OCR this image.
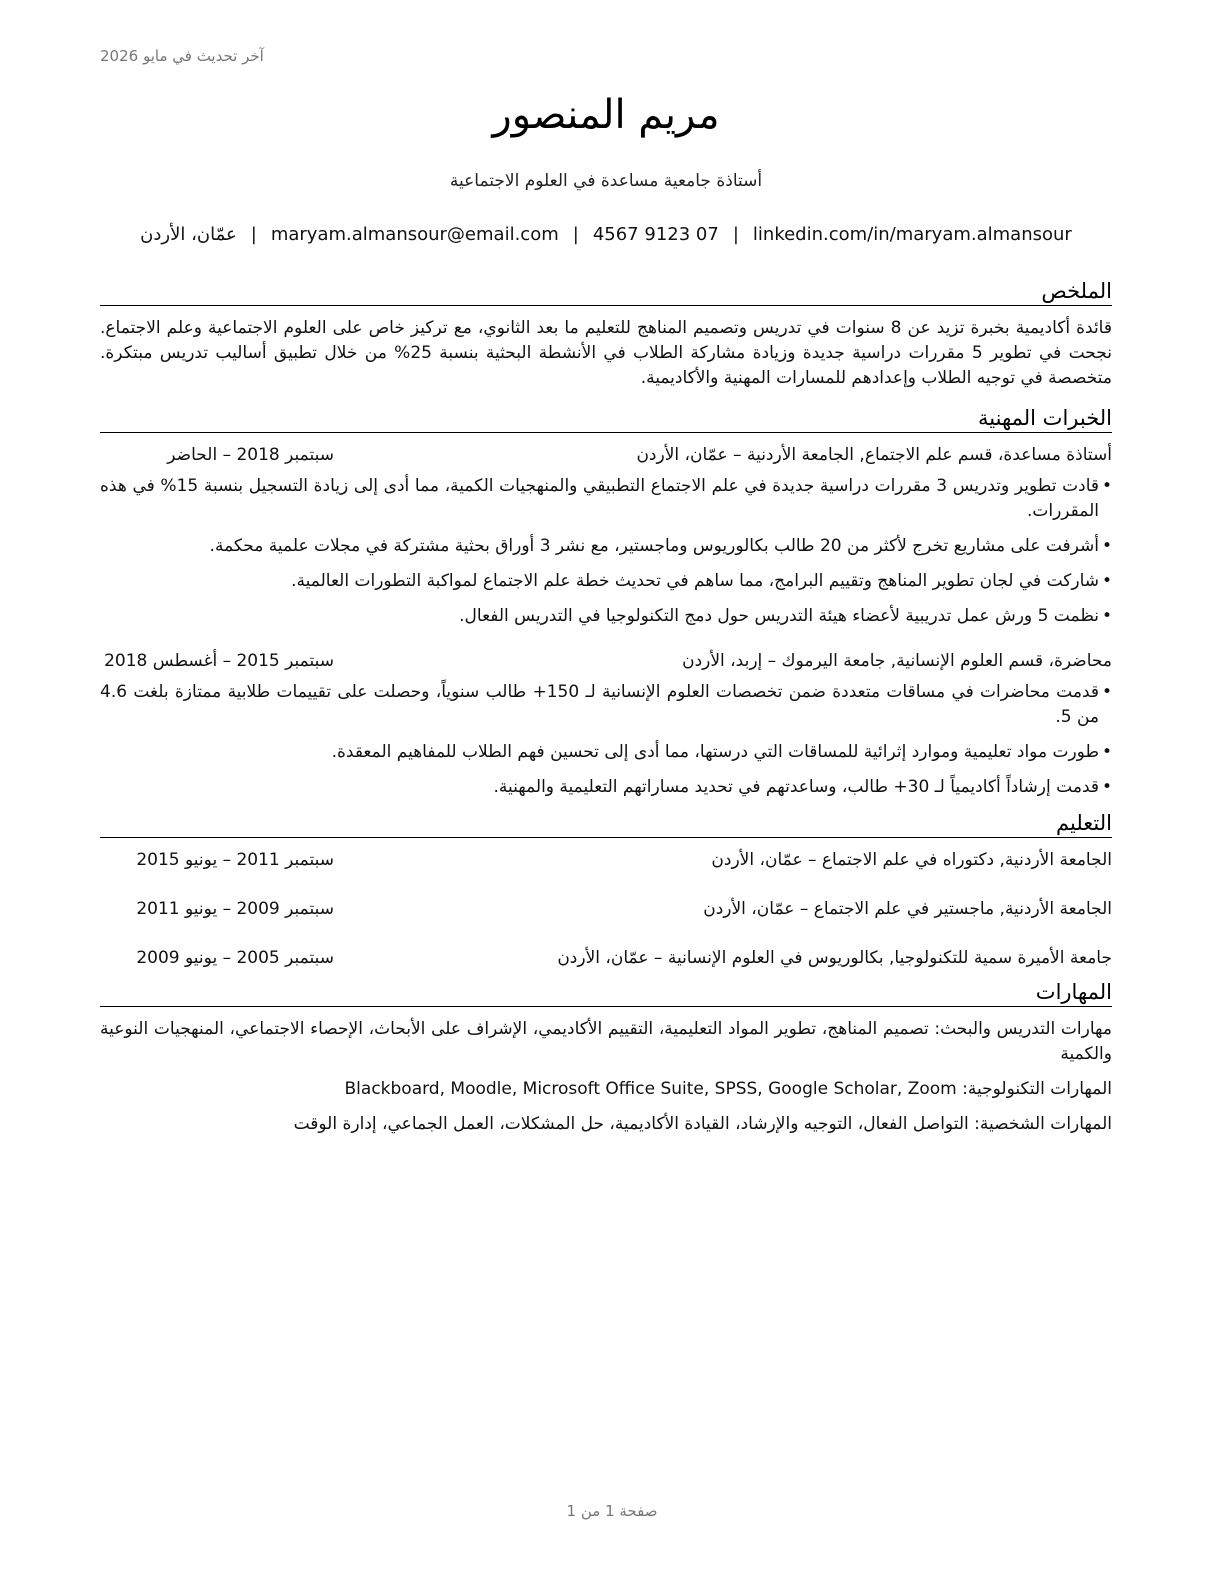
آخر تحديث في مايو 2026
مريم المنصور
أستاذة جامعية مساعدة في العلوم الاجتماعية
عمّان، الأردن | maryam.almansour@email.com | 07 9123 4567 | linkedin.com/in/maryam.almansour
الملخص

قائدة أكاديمية بخبرة تزيد عن 8 سنوات في تدريس وتصميم المناهج للتعليم ما بعد الثانوي، مع تركيز خاص على العلوم الاجتماعية وعلم الاجتماع. نجحت في تطوير 5 مقررات دراسية جديدة وزيادة مشاركة الطلاب في الأنشطة البحثية بنسبة 25% من خلال تطبيق أساليب تدريس مبتكرة. متخصصة في توجيه الطلاب وإعدادهم للمسارات المهنية والأكاديمية.

الخبرات المهنية
أستاذة مساعدة، قسم علم الاجتماع, الجامعة الأردنية – عمّان، الأردن
سبتمبر 2018 – الحاضر
• قادت تطوير وتدريس 3 مقررات دراسية جديدة في علم الاجتماع التطبيقي والمنهجيات الكمية، مما أدى إلى زيادة التسجيل بنسبة 15% في هذه المقررات.
• أشرفت على مشاريع تخرج لأكثر من 20 طالب بكالوريوس وماجستير، مع نشر 3 أوراق بحثية مشتركة في مجلات علمية محكمة.
• شاركت في لجان تطوير المناهج وتقييم البرامج، مما ساهم في تحديث خطة علم الاجتماع لمواكبة التطورات العالمية.
• نظمت 5 ورش عمل تدريبية لأعضاء هيئة التدريس حول دمج التكنولوجيا في التدريس الفعال.
محاضرة، قسم العلوم الإنسانية, جامعة اليرموك – إربد، الأردن
سبتمبر 2015 – أغسطس 2018
• قدمت محاضرات في مساقات متعددة ضمن تخصصات العلوم الإنسانية لـ 150+ طالب سنوياً، وحصلت على تقييمات طلابية ممتازة بلغت 4.6 من 5.
• طورت مواد تعليمية وموارد إثرائية للمساقات التي درستها، مما أدى إلى تحسين فهم الطلاب للمفاهيم المعقدة.
• قدمت إرشاداً أكاديمياً لـ 30+ طالب، وساعدتهم في تحديد مساراتهم التعليمية والمهنية.
التعليم
الجامعة الأردنية, دكتوراه في علم الاجتماع – عمّان، الأردن
سبتمبر 2011 – يونيو 2015
الجامعة الأردنية, ماجستير في علم الاجتماع – عمّان، الأردن
سبتمبر 2009 – يونيو 2011
جامعة الأميرة سمية للتكنولوجيا, بكالوريوس في العلوم الإنسانية – عمّان، الأردن
سبتمبر 2005 – يونيو 2009
المهارات
مهارات التدريس والبحث: تصميم المناهج، تطوير المواد التعليمية، التقييم الأكاديمي، الإشراف على الأبحاث، الإحصاء الاجتماعي، المنهجيات النوعية والكمية
المهارات التكنولوجية: Blackboard, Moodle, Microsoft Office Suite, SPSS, Google Scholar, Zoom
المهارات الشخصية: التواصل الفعال، التوجيه والإرشاد، القيادة الأكاديمية، حل المشكلات، العمل الجماعي، إدارة الوقت
صفحة 1 من 1
